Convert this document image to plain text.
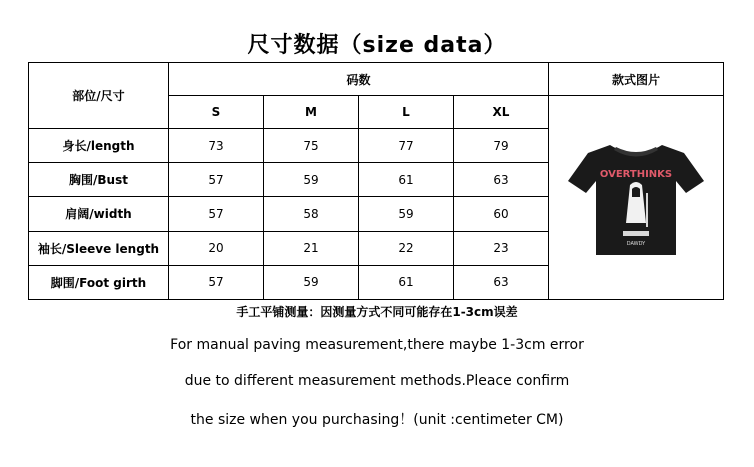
尺寸数据（size data）
部位/尺寸	码数				款式图片
	S	M	L	XL	OVERTHINKS
DAWDY

身长/length	73	75	77	79	
胸围/Bust	57	59	61	63	
肩阔/width	57	58	59	60	
袖长/Sleeve length	20	21	22	23	
脚围/Foot girth	57	59	61	63	
手工平铺测量：因测量方式不同可能存在1-3cm误差
For manual paving measurement,there maybe 1-3cm error
due to different measurement methods.Pleace confirm
the size when you purchasing！(unit :centimeter CM)
